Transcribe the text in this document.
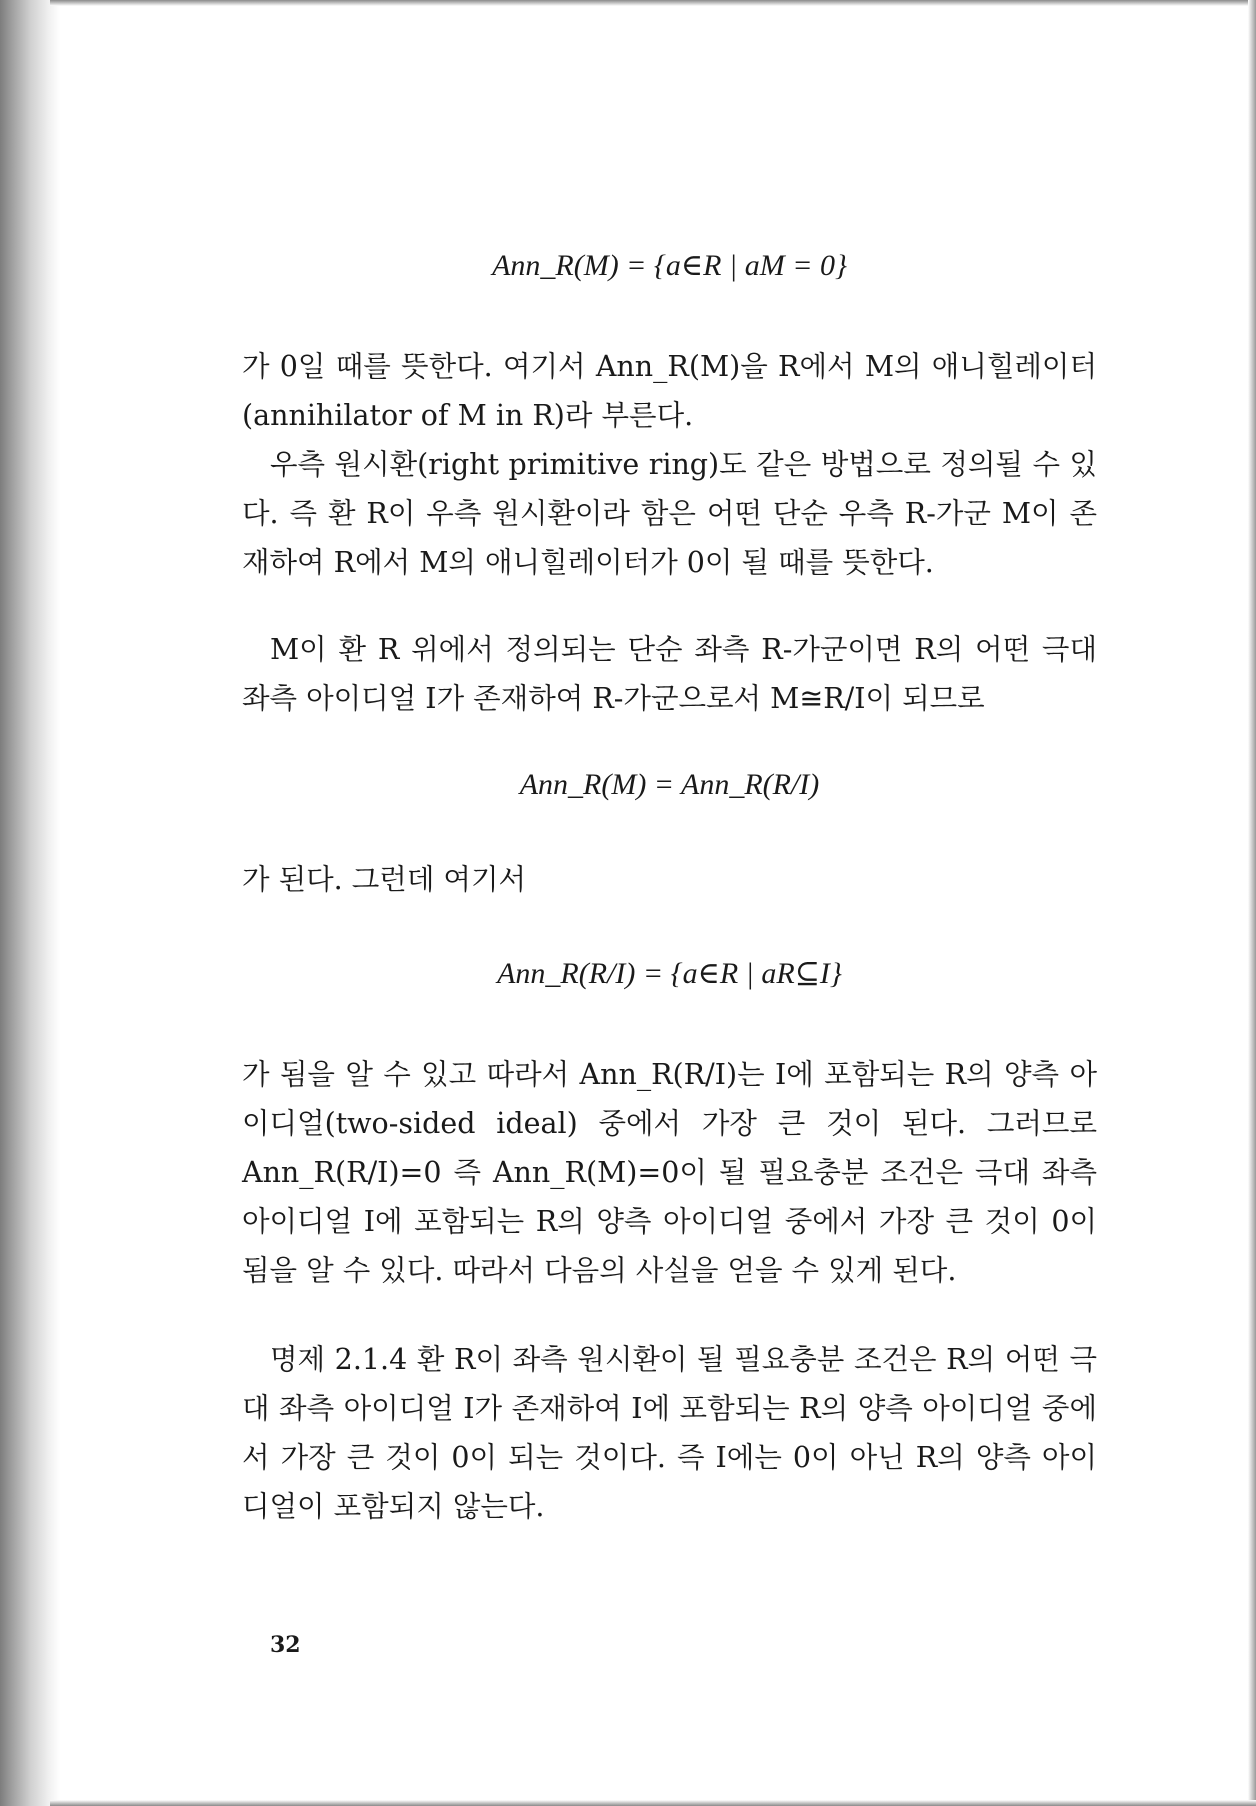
Ann_R(M) = {a∈R | aM = 0}

가 0일 때를 뜻한다. 여기서 Ann_R(M)을 R에서 M의 애니힐레이터 (annihilator of M in R)라 부른다.

우측 원시환(right primitive ring)도 같은 방법으로 정의될 수 있다. 즉 환 R이 우측 원시환이라 함은 어떤 단순 우측 R-가군 M이 존재하여 R에서 M의 애니힐레이터가 0이 될 때를 뜻한다.

M이 환 R 위에서 정의되는 단순 좌측 R-가군이면 R의 어떤 극대 좌측 아이디얼 I가 존재하여 R-가군으로서 M≅R/I이 되므로

Ann_R(M) = Ann_R(R/I)

가 된다. 그런데 여기서

Ann_R(R/I) = {a∈R | aR⊆I}

가 됨을 알 수 있고 따라서 Ann_R(R/I)는 I에 포함되는 R의 양측 아이디얼(two-sided ideal) 중에서 가장 큰 것이 된다. 그러므로 Ann_R(R/I)=0 즉 Ann_R(M)=0이 될 필요충분 조건은 극대 좌측 아이디얼 I에 포함되는 R의 양측 아이디얼 중에서 가장 큰 것이 0이 됨을 알 수 있다. 따라서 다음의 사실을 얻을 수 있게 된다.

명제 2.1.4 환 R이 좌측 원시환이 될 필요충분 조건은 R의 어떤 극대 좌측 아이디얼 I가 존재하여 I에 포함되는 R의 양측 아이디얼 중에서 가장 큰 것이 0이 되는 것이다. 즉 I에는 0이 아닌 R의 양측 아이디얼이 포함되지 않는다.

32
